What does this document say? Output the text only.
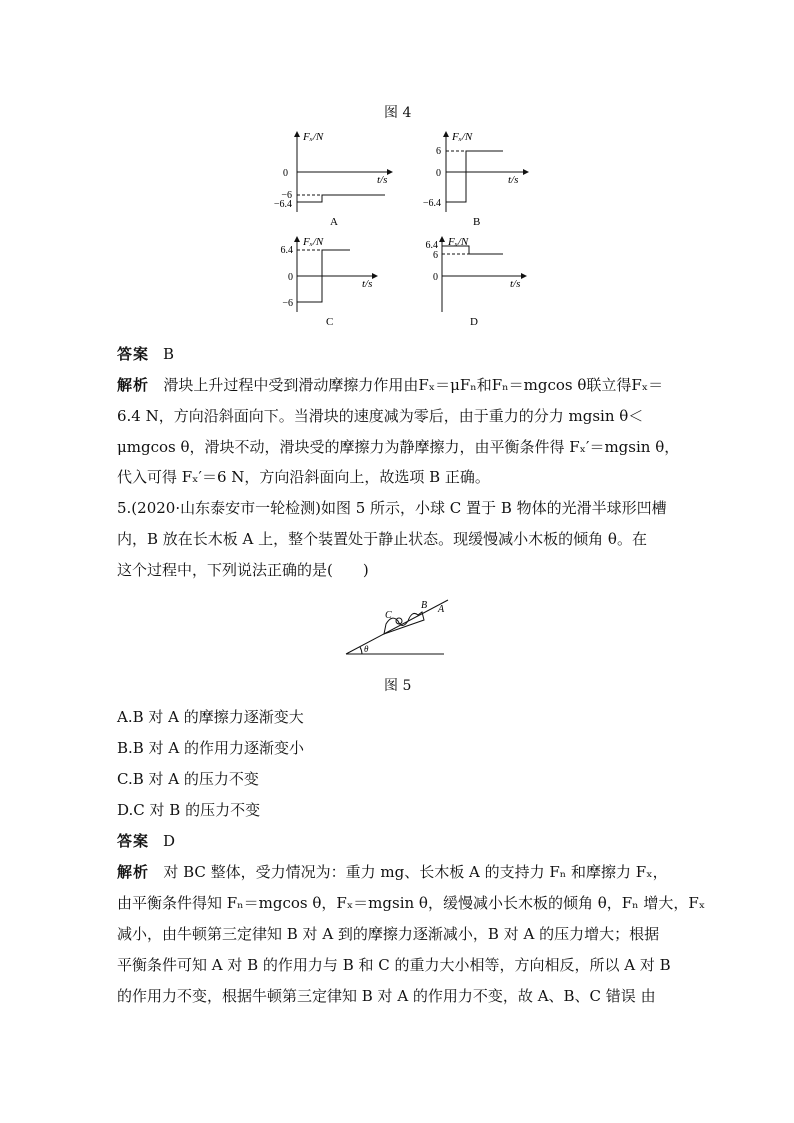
图 4
Fₓ/N
t/s
0
−6
−6.4
A
Fₓ/N
t/s
6
0
−6.4
B
Fₓ/N
t/s
6.4
0
−6
C
Fₓ/N
t/s
6.4
6
0
D
答案 B
解析 滑块上升过程中受到滑动摩擦力作用由Fₓ＝μFₙ和Fₙ＝mgcos θ联立得Fₓ＝
6.4 N，方向沿斜面向下。当滑块的速度减为零后，由于重力的分力 mgsin θ＜
μmgcos θ，滑块不动，滑块受的摩擦力为静摩擦力，由平衡条件得 Fₓ′＝mgsin θ，
代入可得 Fₓ′＝6 N，方向沿斜面向上，故选项 B 正确。
5.(2020·山东泰安市一轮检测)如图 5 所示，小球 C 置于 B 物体的光滑半球形凹槽
内，B 放在长木板 A 上，整个装置处于静止状态。现缓慢减小木板的倾角 θ。在
这个过程中，下列说法正确的是(　　)
C
B A
θ
图 5
A.B 对 A 的摩擦力逐渐变大
B.B 对 A 的作用力逐渐变小
C.B 对 A 的压力不变
D.C 对 B 的压力不变
答案 D
解析 对 BC 整体，受力情况为：重力 mg、长木板 A 的支持力 Fₙ 和摩擦力 Fₓ，
由平衡条件得知 Fₙ＝mgcos θ，Fₓ＝mgsin θ，缓慢减小长木板的倾角 θ，Fₙ 增大，Fₓ
减小，由牛顿第三定律知 B 对 A 到的摩擦力逐渐减小，B 对 A 的压力增大；根据
平衡条件可知 A 对 B 的作用力与 B 和 C 的重力大小相等，方向相反，所以 A 对 B
的作用力不变，根据牛顿第三定律知 B 对 A 的作用力不变，故 A、B、C 错误 由
